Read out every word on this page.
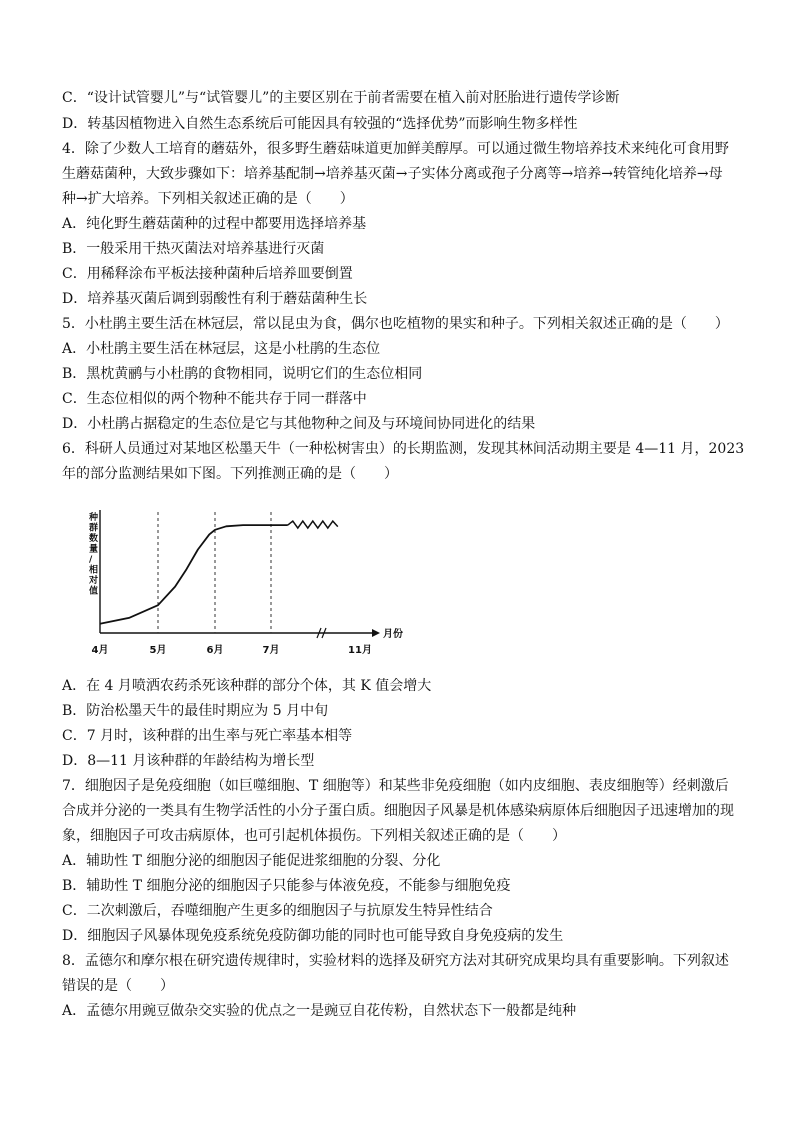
C．“设计试管婴儿”与“试管婴儿”的主要区别在于前者需要在植入前对胚胎进行遗传学诊断
D．转基因植物进入自然生态系统后可能因具有较强的“选择优势”而影响生物多样性
4．除了少数人工培育的蘑菇外，很多野生蘑菇味道更加鲜美醇厚。可以通过微生物培养技术来纯化可食用野
生蘑菇菌种，大致步骤如下：培养基配制→培养基灭菌→子实体分离或孢子分离等→培养→转管纯化培养→母
种→扩大培养。下列相关叙述正确的是（　　）
A．纯化野生蘑菇菌种的过程中都要用选择培养基
B．一般采用干热灭菌法对培养基进行灭菌
C．用稀释涂布平板法接种菌种后培养皿要倒置
D．培养基灭菌后调到弱酸性有利于蘑菇菌种生长
5．小杜鹃主要生活在林冠层，常以昆虫为食，偶尔也吃植物的果实和种子。下列相关叙述正确的是（　　）
A．小杜鹃主要生活在林冠层，这是小杜鹃的生态位
B．黑枕黄鹂与小杜鹃的食物相同，说明它们的生态位相同
C．生态位相似的两个物种不能共存于同一群落中
D．小杜鹃占据稳定的生态位是它与其他物种之间及与环境间协同进化的结果
6．科研人员通过对某地区松墨天牛（一种松树害虫）的长期监测，发现其林间活动期主要是 4—11 月，2023
年的部分监测结果如下图。下列推测正确的是（　　）
A．在 4 月喷洒农药杀死该种群的部分个体，其 K 值会增大
B．防治松墨天牛的最佳时期应为 5 月中旬
C．7 月时，该种群的出生率与死亡率基本相等
D．8—11 月该种群的年龄结构为增长型
7．细胞因子是免疫细胞（如巨噬细胞、T 细胞等）和某些非免疫细胞（如内皮细胞、表皮细胞等）经刺激后
合成并分泌的一类具有生物学活性的小分子蛋白质。细胞因子风暴是机体感染病原体后细胞因子迅速增加的现
象，细胞因子可攻击病原体，也可引起机体损伤。下列相关叙述正确的是（　　）
A．辅助性 T 细胞分泌的细胞因子能促进浆细胞的分裂、分化
B．辅助性 T 细胞分泌的细胞因子只能参与体液免疫，不能参与细胞免疫
C．二次刺激后，吞噬细胞产生更多的细胞因子与抗原发生特异性结合
D．细胞因子风暴体现免疫系统免疫防御功能的同时也可能导致自身免疫病的发生
8．孟德尔和摩尔根在研究遗传规律时，实验材料的选择及研究方法对其研究成果均具有重要影响。下列叙述
错误的是（　　）
A．孟德尔用豌豆做杂交实验的优点之一是豌豆自花传粉，自然状态下一般都是纯种
种群数量/相对值
月份
4月	5月	6月	7月	11月
